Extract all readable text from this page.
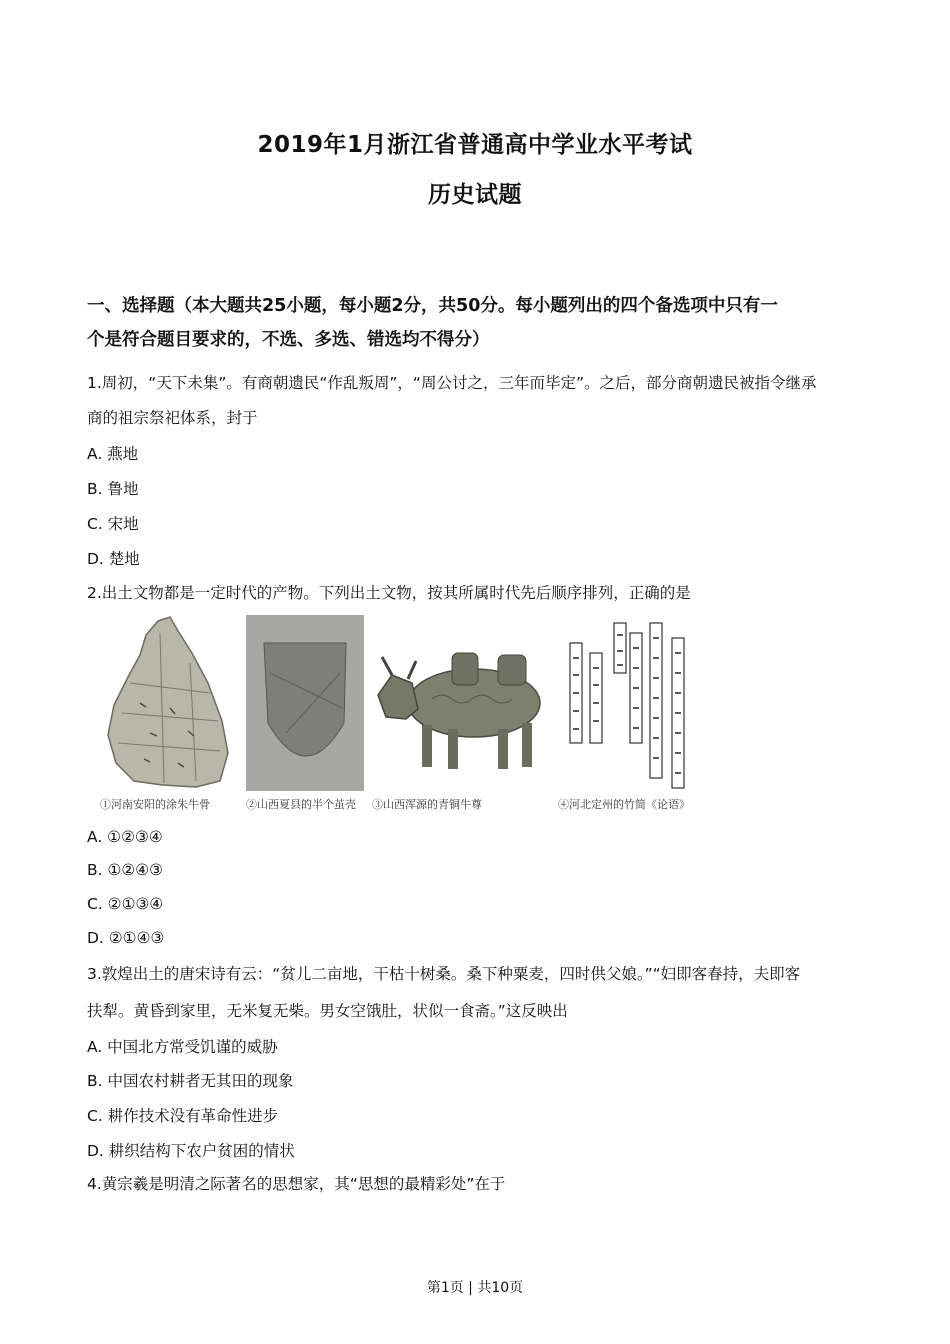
2019年1月浙江省普通高中学业水平考试
历史试题
一、选择题（本大题共25小题，每小题2分，共50分。每小题列出的四个备选项中只有一
个是符合题目要求的，不选、多选、错选均不得分）
1.周初，“天下未集”。有商朝遗民“作乱叛周”，“周公讨之，三年而毕定”。之后，部分商朝遗民被指令继承
商的祖宗祭祀体系，封于
A. 燕地
B. 鲁地
C. 宋地
D. 楚地
2.出土文物都是一定时代的产物。下列出土文物，按其所属时代先后顺序排列，正确的是
①河南安阳的涂朱牛骨	②山西夏县的半个茧壳 ③山西浑源的青铜牛尊	④河北定州的竹简《论语》
A. ①②③④
B. ①②④③
C. ②①③④
D. ②①④③
3.敦煌出土的唐宋诗有云：“贫儿二亩地，干枯十树桑。桑下种粟麦，四时供父娘。”“妇即客春持，夫即客
扶犁。黄昏到家里，无米复无柴。男女空饿肚，状似一食斋。”这反映出
A. 中国北方常受饥谨的威胁
B. 中国农村耕者无其田的现象
C. 耕作技术没有革命性进步
D. 耕织结构下农户贫困的情状
4.黄宗羲是明清之际著名的思想家，其“思想的最精彩处”在于
第1页 | 共10页
